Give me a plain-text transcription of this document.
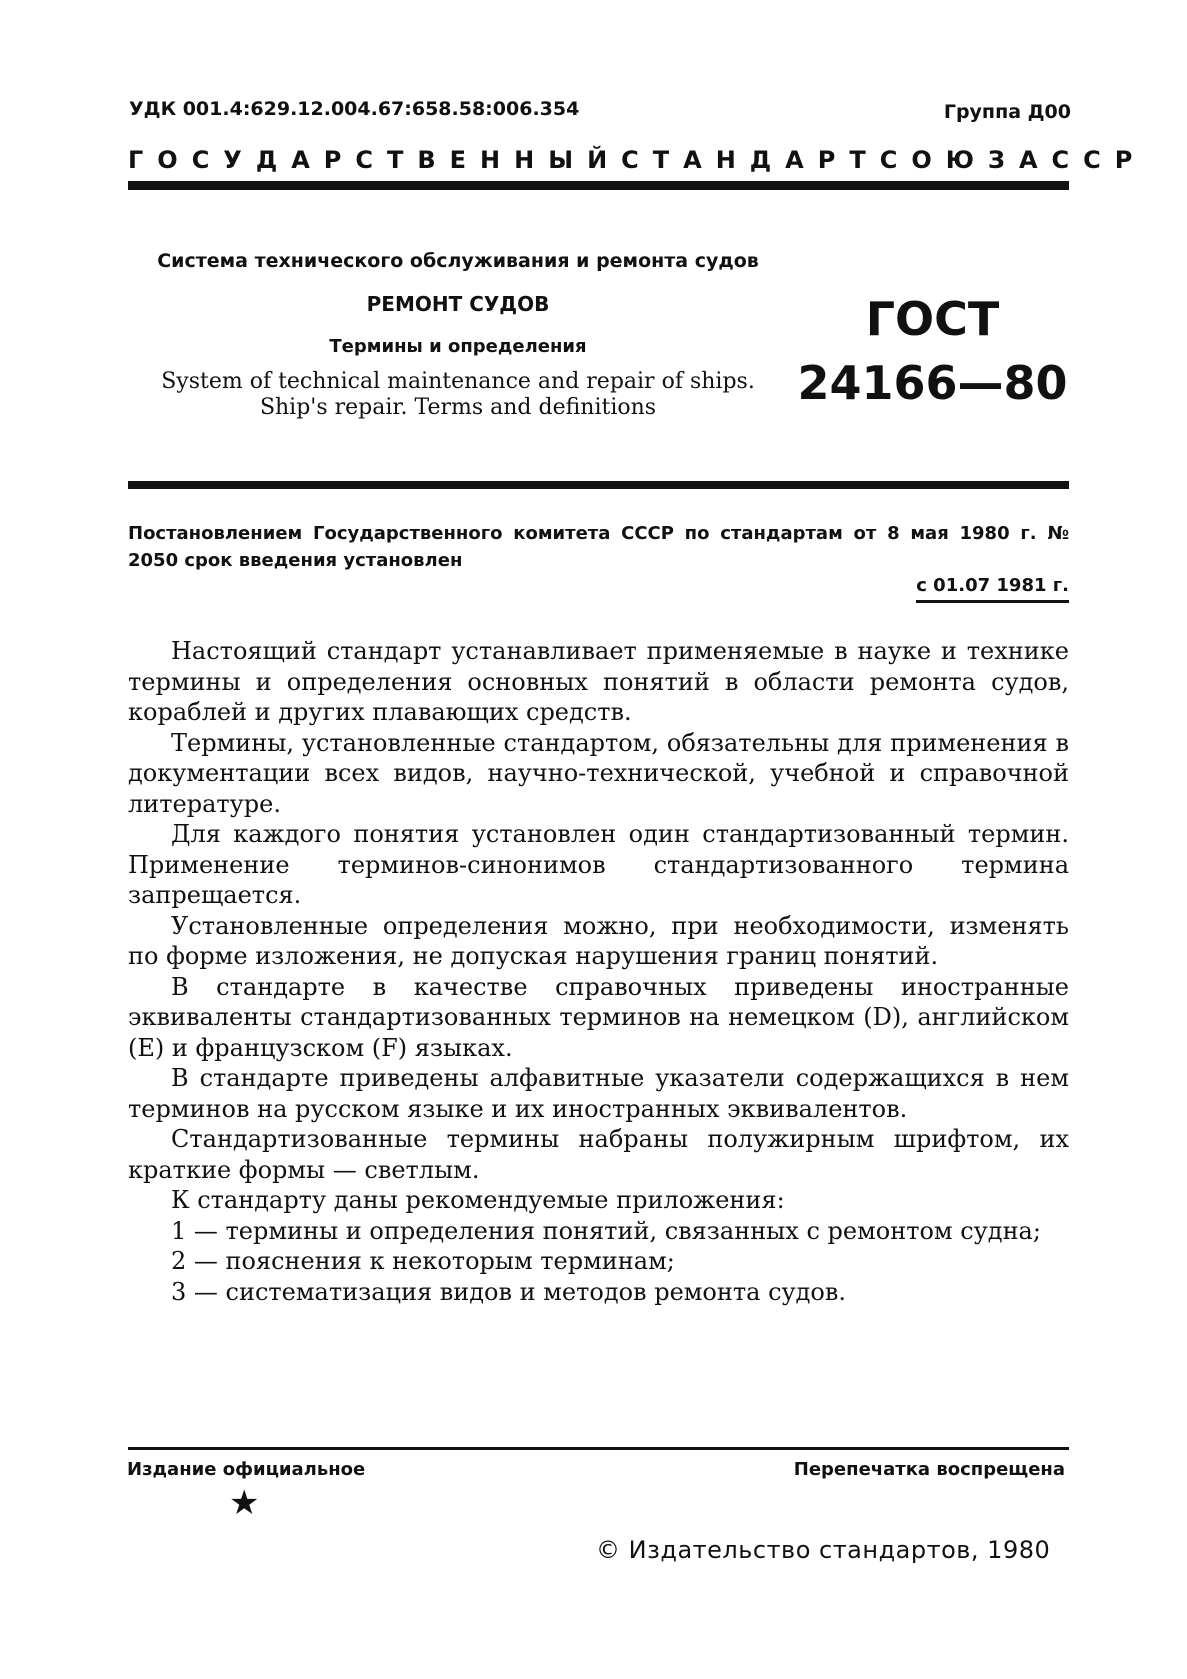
УДК 001.4:629.12.004.67:658.58:006.354	Группа Д00
ГОСУДАРСТВЕННЫЙ СТАНДАРТ СОЮЗА ССР
Система технического обслуживания и ремонта судов
РЕМОНТ СУДОВ
Термины и определения
System of technical maintenance and repair of ships.
Ship's repair. Terms and definitions
ГОСТ
24166—80
Постановлением Государственного комитета СССР по стандартам от 8 мая 1980 г. № 2050 срок введения установлен
с 01.07 1981 г.

Настоящий стандарт устанавливает применяемые в науке и технике термины и определения основных понятий в области ремонта судов, кораблей и других плавающих средств.

Термины, установленные стандартом, обязательны для применения в документации всех видов, научно-технической, учебной и справочной литературе.

Для каждого понятия установлен один стандартизованный термин. Применение терминов-синонимов стандартизованного термина запрещается.

Установленные определения можно, при необходимости, изменять по форме изложения, не допуская нарушения границ понятий.

В стандарте в качестве справочных приведены иностранные эквиваленты стандартизованных терминов на немецком (D), английском (Е) и французском (F) языках.

В стандарте приведены алфавитные указатели содержащихся в нем терминов на русском языке и их иностранных эквивалентов.

Стандартизованные термины набраны полужирным шрифтом, их краткие формы — светлым.

К стандарту даны рекомендуемые приложения:

1 — термины и определения понятий, связанных с ремонтом судна;

2 — пояснения к некоторым терминам;

3 — систематизация видов и методов ремонта судов.

Издание официальное	Перепечатка воспрещена
★
© Издательство стандартов, 1980
